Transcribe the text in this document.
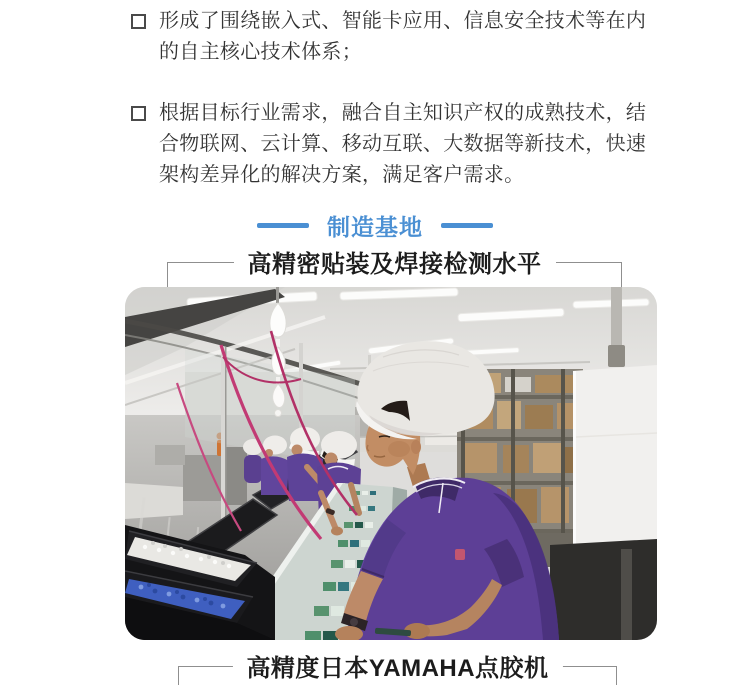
形成了围绕嵌入式、智能卡应用、信息安全技术等在内的自主核心技术体系；
根据目标行业需求，融合自主知识产权的成熟技术，结合物联网、云计算、移动互联、大数据等新技术，快速架构差异化的解决方案，满足客户需求。
制造基地
高精密贴装及焊接检测水平
高精度日本YAMAHA点胶机
